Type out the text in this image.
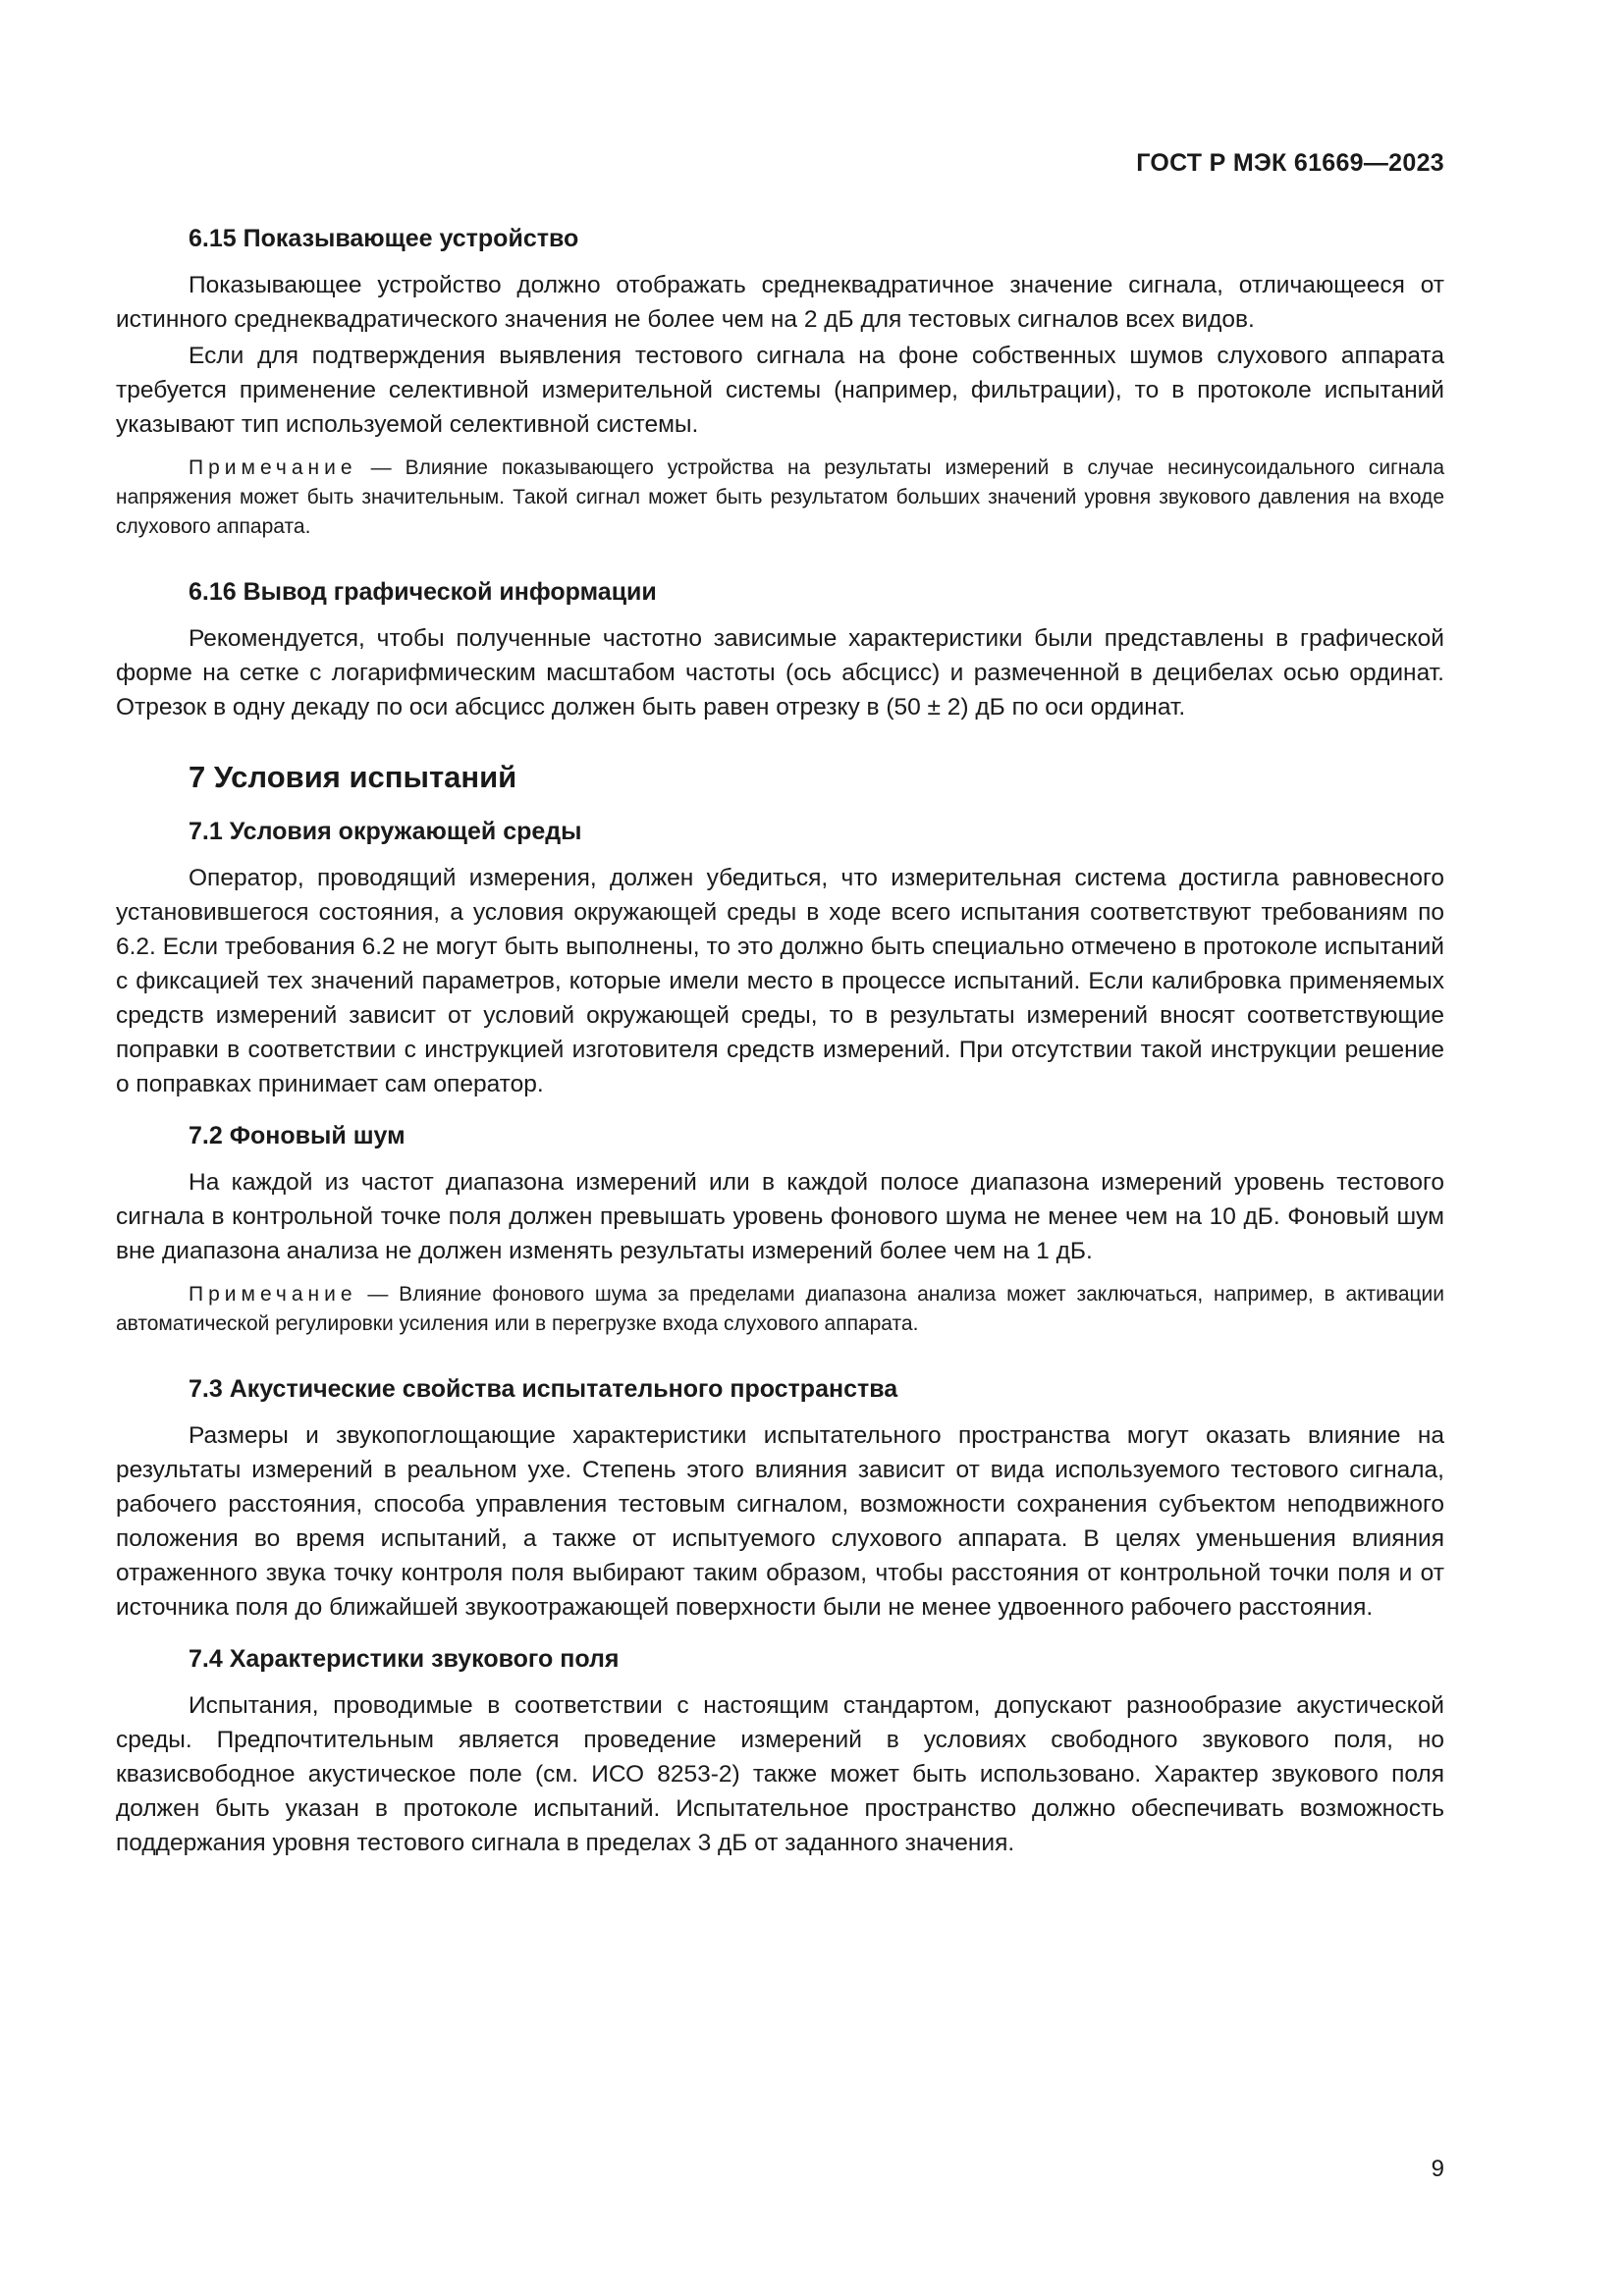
ГОСТ Р МЭК 61669—2023
6.15 Показывающее устройство

Показывающее устройство должно отображать среднеквадратичное значение сигнала, отличающееся от истинного среднеквадратического значения не более чем на 2 дБ для тестовых сигналов всех видов.

Если для подтверждения выявления тестового сигнала на фоне собственных шумов слухового аппарата требуется применение селективной измерительной системы (например, фильтрации), то в протоколе испытаний указывают тип используемой селективной системы.

Примечание — Влияние показывающего устройства на результаты измерений в случае несинусоидального сигнала напряжения может быть значительным. Такой сигнал может быть результатом больших значений уровня звукового давления на входе слухового аппарата.

6.16 Вывод графической информации

Рекомендуется, чтобы полученные частотно зависимые характеристики были представлены в графической форме на сетке с логарифмическим масштабом частоты (ось абсцисс) и размеченной в децибелах осью ординат. Отрезок в одну декаду по оси абсцисс должен быть равен отрезку в (50 ± 2) дБ по оси ординат.

7 Условия испытаний
7.1 Условия окружающей среды

Оператор, проводящий измерения, должен убедиться, что измерительная система достигла равновесного установившегося состояния, а условия окружающей среды в ходе всего испытания соответствуют требованиям по 6.2. Если требования 6.2 не могут быть выполнены, то это должно быть специально отмечено в протоколе испытаний с фиксацией тех значений параметров, которые имели место в процессе испытаний. Если калибровка применяемых средств измерений зависит от условий окружающей среды, то в результаты измерений вносят соответствующие поправки в соответствии с инструкцией изготовителя средств измерений. При отсутствии такой инструкции решение о поправках принимает сам оператор.

7.2 Фоновый шум

На каждой из частот диапазона измерений или в каждой полосе диапазона измерений уровень тестового сигнала в контрольной точке поля должен превышать уровень фонового шума не менее чем на 10 дБ. Фоновый шум вне диапазона анализа не должен изменять результаты измерений более чем на 1 дБ.

Примечание — Влияние фонового шума за пределами диапазона анализа может заключаться, например, в активации автоматической регулировки усиления или в перегрузке входа слухового аппарата.

7.3 Акустические свойства испытательного пространства

Размеры и звукопоглощающие характеристики испытательного пространства могут оказать влияние на результаты измерений в реальном ухе. Степень этого влияния зависит от вида используемого тестового сигнала, рабочего расстояния, способа управления тестовым сигналом, возможности сохранения субъектом неподвижного положения во время испытаний, а также от испытуемого слухового аппарата. В целях уменьшения влияния отраженного звука точку контроля поля выбирают таким образом, чтобы расстояния от контрольной точки поля и от источника поля до ближайшей звукоотражающей поверхности были не менее удвоенного рабочего расстояния.

7.4 Характеристики звукового поля

Испытания, проводимые в соответствии с настоящим стандартом, допускают разнообразие акустической среды. Предпочтительным является проведение измерений в условиях свободного звукового поля, но квазисвободное акустическое поле (см. ИСО 8253-2) также может быть использовано. Характер звукового поля должен быть указан в протоколе испытаний. Испытательное пространство должно обеспечивать возможность поддержания уровня тестового сигнала в пределах 3 дБ от заданного значения.

9
